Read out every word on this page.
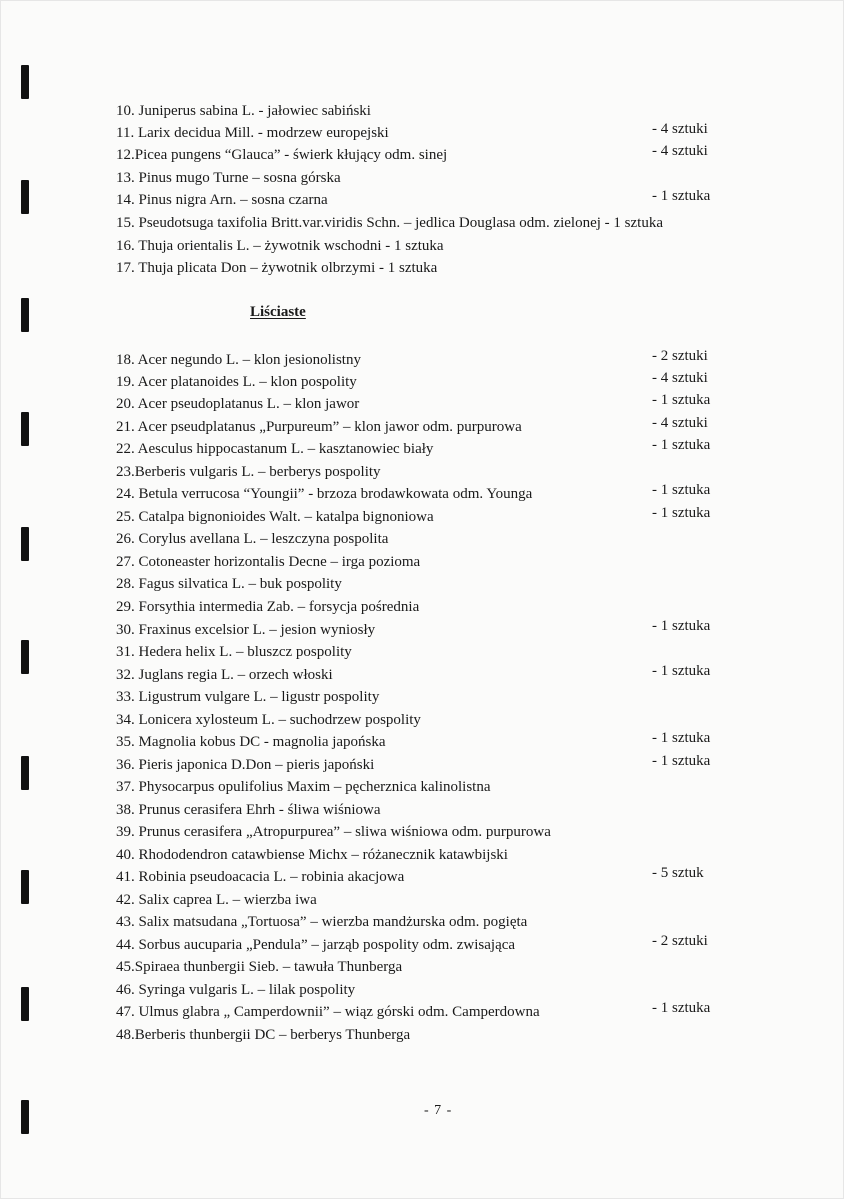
10. Juniperus sabina L. - jałowiec sabiński
11. Larix decidua Mill. - modrzew europejski	- 4 sztuki
12.Picea pungens “Glauca” - świerk kłujący odm. sinej	- 4 sztuki
13. Pinus mugo Turne – sosna górska
14. Pinus nigra Arn. – sosna czarna	- 1 sztuka
15. Pseudotsuga taxifolia Britt.var.viridis Schn. – jedlica Douglasa odm. zielonej - 1 sztuka
16. Thuja orientalis L. – żywotnik wschodni - 1 sztuka
17. Thuja plicata Don – żywotnik olbrzymi - 1 sztuka
18. Acer negundo L. – klon jesionolistny	- 2 sztuki
19. Acer platanoides L. – klon pospolity	- 4 sztuki
20. Acer pseudoplatanus L. – klon jawor	- 1 sztuka
21. Acer pseudplatanus „Purpureum” – klon jawor odm. purpurowa	- 4 sztuki
22. Aesculus hippocastanum L. – kasztanowiec biały	- 1 sztuka
23.Berberis vulgaris L. – berberys pospolity
24. Betula verrucosa “Youngii” - brzoza brodawkowata odm. Younga	- 1 sztuka
25. Catalpa bignonioides Walt. – katalpa bignoniowa	- 1 sztuka
26. Corylus avellana L. – leszczyna pospolita
27. Cotoneaster horizontalis Decne – irga pozioma
28. Fagus silvatica L. – buk pospolity
29. Forsythia intermedia Zab. – forsycja pośrednia
30. Fraxinus excelsior L. – jesion wyniosły	- 1 sztuka
31. Hedera helix L. – bluszcz pospolity
32. Juglans regia L. – orzech włoski	- 1 sztuka
33. Ligustrum vulgare L. – ligustr pospolity
34. Lonicera xylosteum L. – suchodrzew pospolity
35. Magnolia kobus DC - magnolia japońska	- 1 sztuka
36. Pieris japonica D.Don – pieris japoński	- 1 sztuka
37. Physocarpus opulifolius Maxim – pęcherznica kalinolistna
38. Prunus cerasifera Ehrh - śliwa wiśniowa
39. Prunus cerasifera „Atropurpurea” – sliwa wiśniowa odm. purpurowa
40. Rhododendron catawbiense Michx – różanecznik katawbijski
41. Robinia pseudoacacia L. – robinia akacjowa	- 5 sztuk
42. Salix caprea L. – wierzba iwa
43. Salix matsudana „Tortuosa” – wierzba mandżurska odm. pogięta
44. Sorbus aucuparia „Pendula” – jarząb pospolity odm. zwisająca	- 2 sztuki
45.Spiraea thunbergii Sieb. – tawuła Thunberga
46. Syringa vulgaris L. – lilak pospolity
47. Ulmus glabra „ Camperdownii” – wiąz górski odm. Camperdowna	- 1 sztuka
48.Berberis thunbergii DC – berberys Thunberga
Liściaste
- 7 -
